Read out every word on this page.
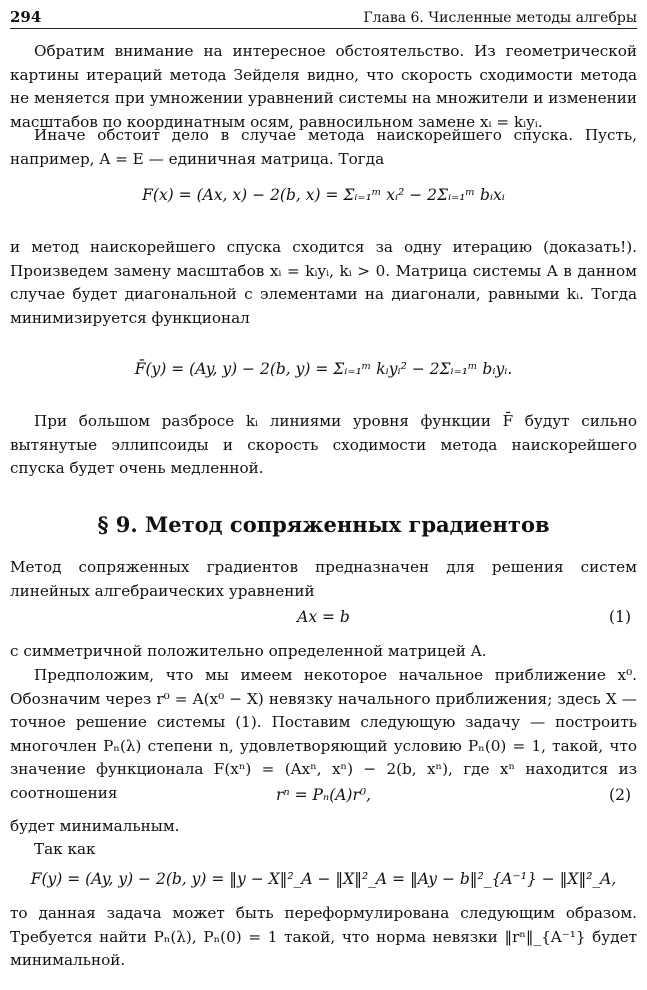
294	Глава 6. Численные методы алгебры
Обратим внимание на интересное обстоятельство. Из геометрической картины итераций метода Зейделя видно, что скорость сходимости метода не меняется при умножении уравнений системы на множители и изменении масштабов по координатным осям, равносильном замене xᵢ = kᵢyᵢ.
Иначе обстоит дело в случае метода наискорейшего спуска. Пусть, например, A = E — единичная матрица. Тогда
F(x) = (Ax, x) − 2(b, x) = Σᵢ₌₁ᵐ xᵢ² − 2Σᵢ₌₁ᵐ bᵢxᵢ
и метод наискорейшего спуска сходится за одну итерацию (доказать!). Произведем замену масштабов xᵢ = kᵢyᵢ, kᵢ > 0. Матрица системы A в данном случае будет диагональной с элементами на диагонали, равными kᵢ. Тогда минимизируется функционал
F̄(y) = (Ay, y) − 2(b, y) = Σᵢ₌₁ᵐ kᵢyᵢ² − 2Σᵢ₌₁ᵐ bᵢyᵢ.
При большом разбросе kᵢ линиями уровня функции F̄ будут сильно вытянутые эллипсоиды и скорость сходимости метода наискорейшего спуска будет очень медленной.
§ 9. Метод сопряженных градиентов
Метод сопряженных градиентов предназначен для решения систем линейных алгебраических уравнений
Ax = b	(1)
с симметричной положительно определенной матрицей A.
Предположим, что мы имеем некоторое начальное приближение x⁰. Обозначим через r⁰ = A(x⁰ − X) невязку начального приближения; здесь X — точное решение системы (1). Поставим следующую задачу — построить многочлен Pₙ(λ) степени n, удовлетворяющий условию Pₙ(0) = 1, такой, что значение функционала F(xⁿ) = (Axⁿ, xⁿ) − 2(b, xⁿ), где xⁿ находится из соотношения	rⁿ = Pₙ(A)r⁰,	(2)
будет минимальным.
Так как
F(y) = (Ay, y) − 2(b, y) = ‖y − X‖²_A − ‖X‖²_A = ‖Ay − b‖²_{A⁻¹} − ‖X‖²_A,
то данная задача может быть переформулирована следующим образом. Требуется найти Pₙ(λ), Pₙ(0) = 1 такой, что норма невязки ‖rⁿ‖_{A⁻¹} будет минимальной.
